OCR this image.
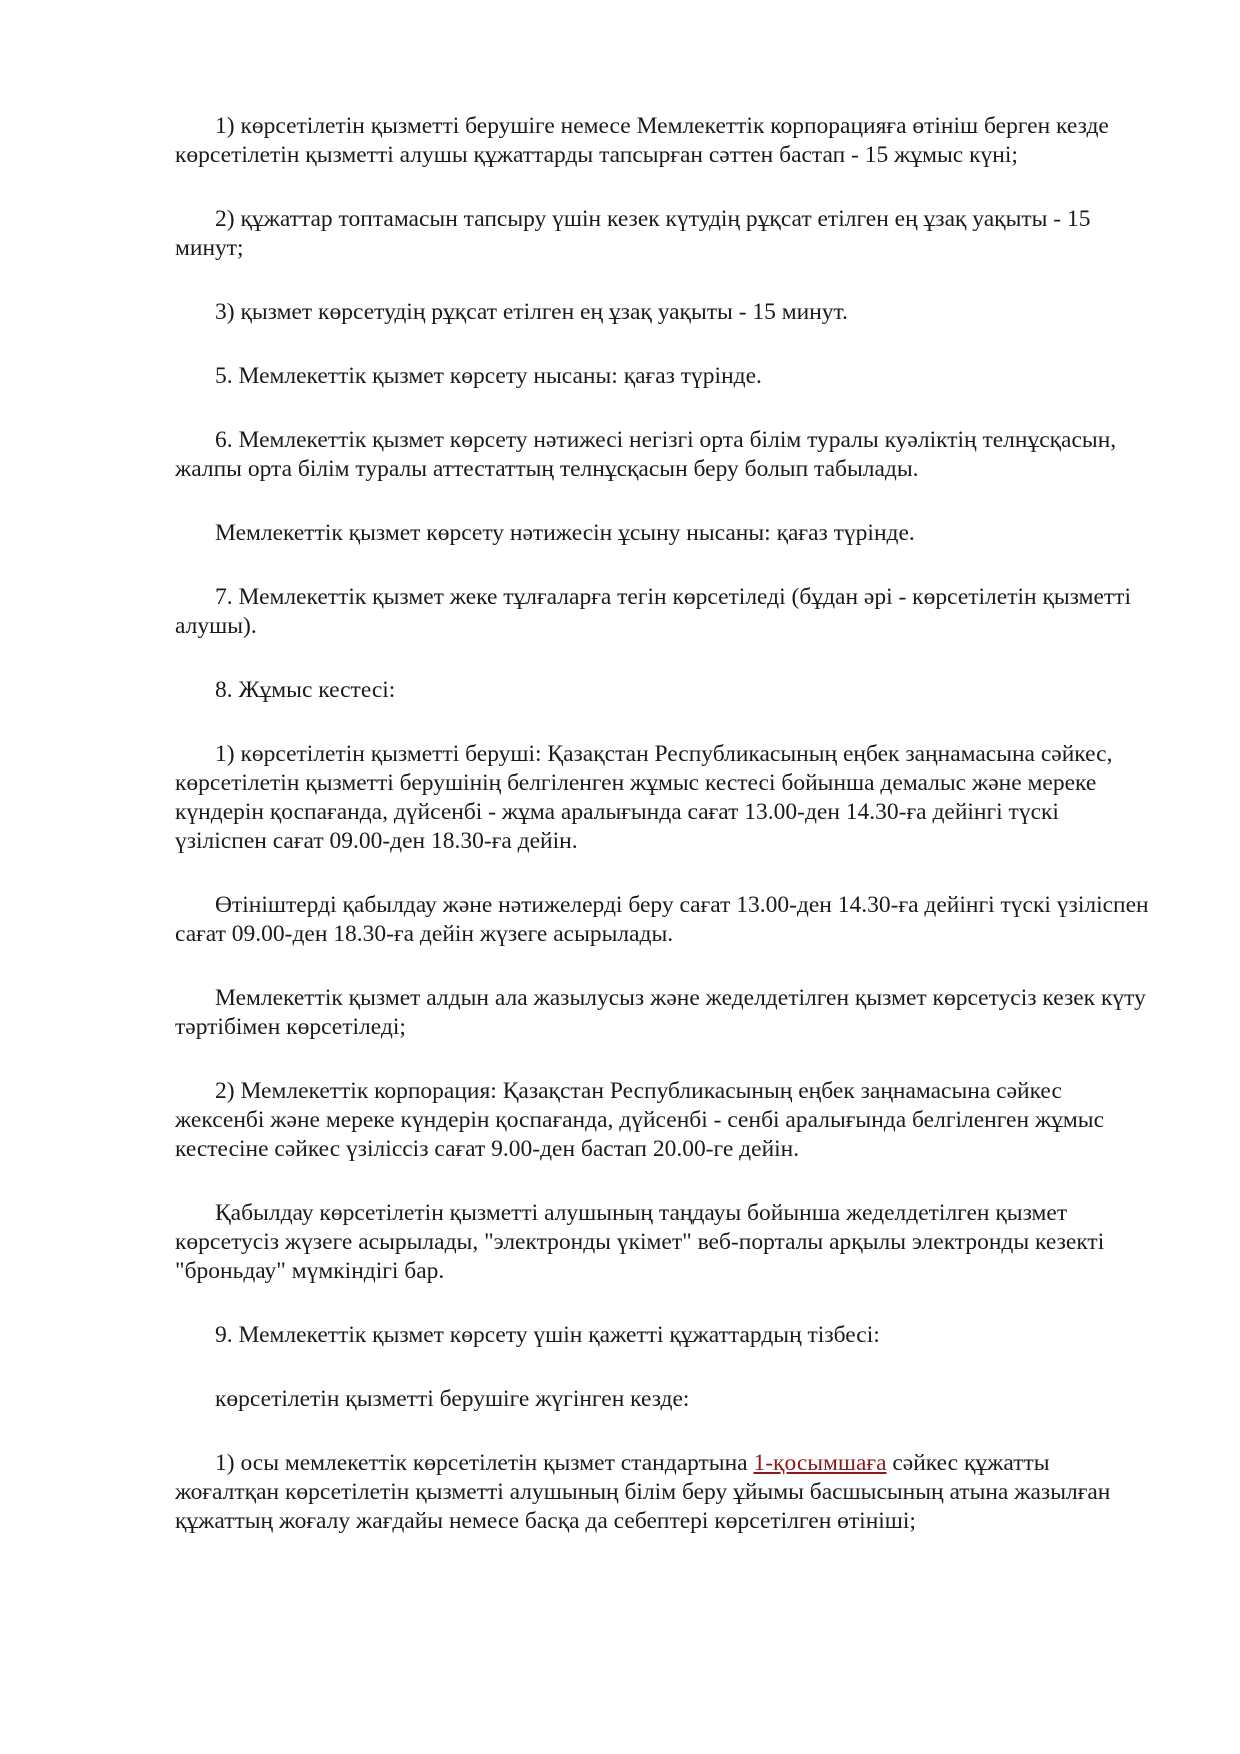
1) көрсетілетін қызметті берушіге немесе Мемлекеттік корпорацияға өтініш берген кезде көрсетілетін қызметті алушы құжаттарды тапсырған сәттен бастап - 15 жұмыс күні;

2) құжаттар топтамасын тапсыру үшін кезек күтудің рұқсат етілген ең ұзақ уақыты - 15 минут;

3) қызмет көрсетудің рұқсат етілген ең ұзақ уақыты - 15 минут.

5. Мемлекеттік қызмет көрсету нысаны: қағаз түрінде.

6. Мемлекеттік қызмет көрсету нәтижесі негізгі орта білім туралы куәліктің телнұсқасын, жалпы орта білім туралы аттестаттың телнұсқасын беру болып табылады.

Мемлекеттік қызмет көрсету нәтижесін ұсыну нысаны: қағаз түрінде.

7. Мемлекеттік қызмет жеке тұлғаларға тегін көрсетіледі (бұдан әрі - көрсетілетін қызметті алушы).

8. Жұмыс кестесі:

1) көрсетілетін қызметті беруші: Қазақстан Республикасының еңбек заңнамасына сәйкес, көрсетілетін қызметті берушінің белгіленген жұмыс кестесі бойынша демалыс және мереке күндерін қоспағанда, дүйсенбі - жұма аралығында сағат 13.00-ден 14.30-ға дейінгі түскі үзіліспен сағат 09.00-ден 18.30-ға дейін.

Өтініштерді қабылдау және нәтижелерді беру сағат 13.00-ден 14.30-ға дейінгі түскі үзіліспен сағат 09.00-ден 18.30-ға дейін жүзеге асырылады.

Мемлекеттік қызмет алдын ала жазылусыз және жеделдетілген қызмет көрсетусіз кезек күту тәртібімен көрсетіледі;

2) Мемлекеттік корпорация: Қазақстан Республикасының еңбек заңнамасына сәйкес жексенбі және мереке күндерін қоспағанда, дүйсенбі - сенбі аралығында белгіленген жұмыс кестесіне сәйкес үзіліссіз сағат 9.00-ден бастап 20.00-ге дейін.

Қабылдау көрсетілетін қызметті алушының таңдауы бойынша жеделдетілген қызмет көрсетусіз жүзеге асырылады, "электронды үкімет" веб-порталы арқылы электронды кезекті "броньдау" мүмкіндігі бар.

9. Мемлекеттік қызмет көрсету үшін қажетті құжаттардың тізбесі:

көрсетілетін қызметті берушіге жүгінген кезде:

1) осы мемлекеттік көрсетілетін қызмет стандартына 1-қосымшаға сәйкес құжатты жоғалтқан көрсетілетін қызметті алушының білім беру ұйымы басшысының атына жазылған құжаттың жоғалу жағдайы немесе басқа да себептері көрсетілген өтініші;
